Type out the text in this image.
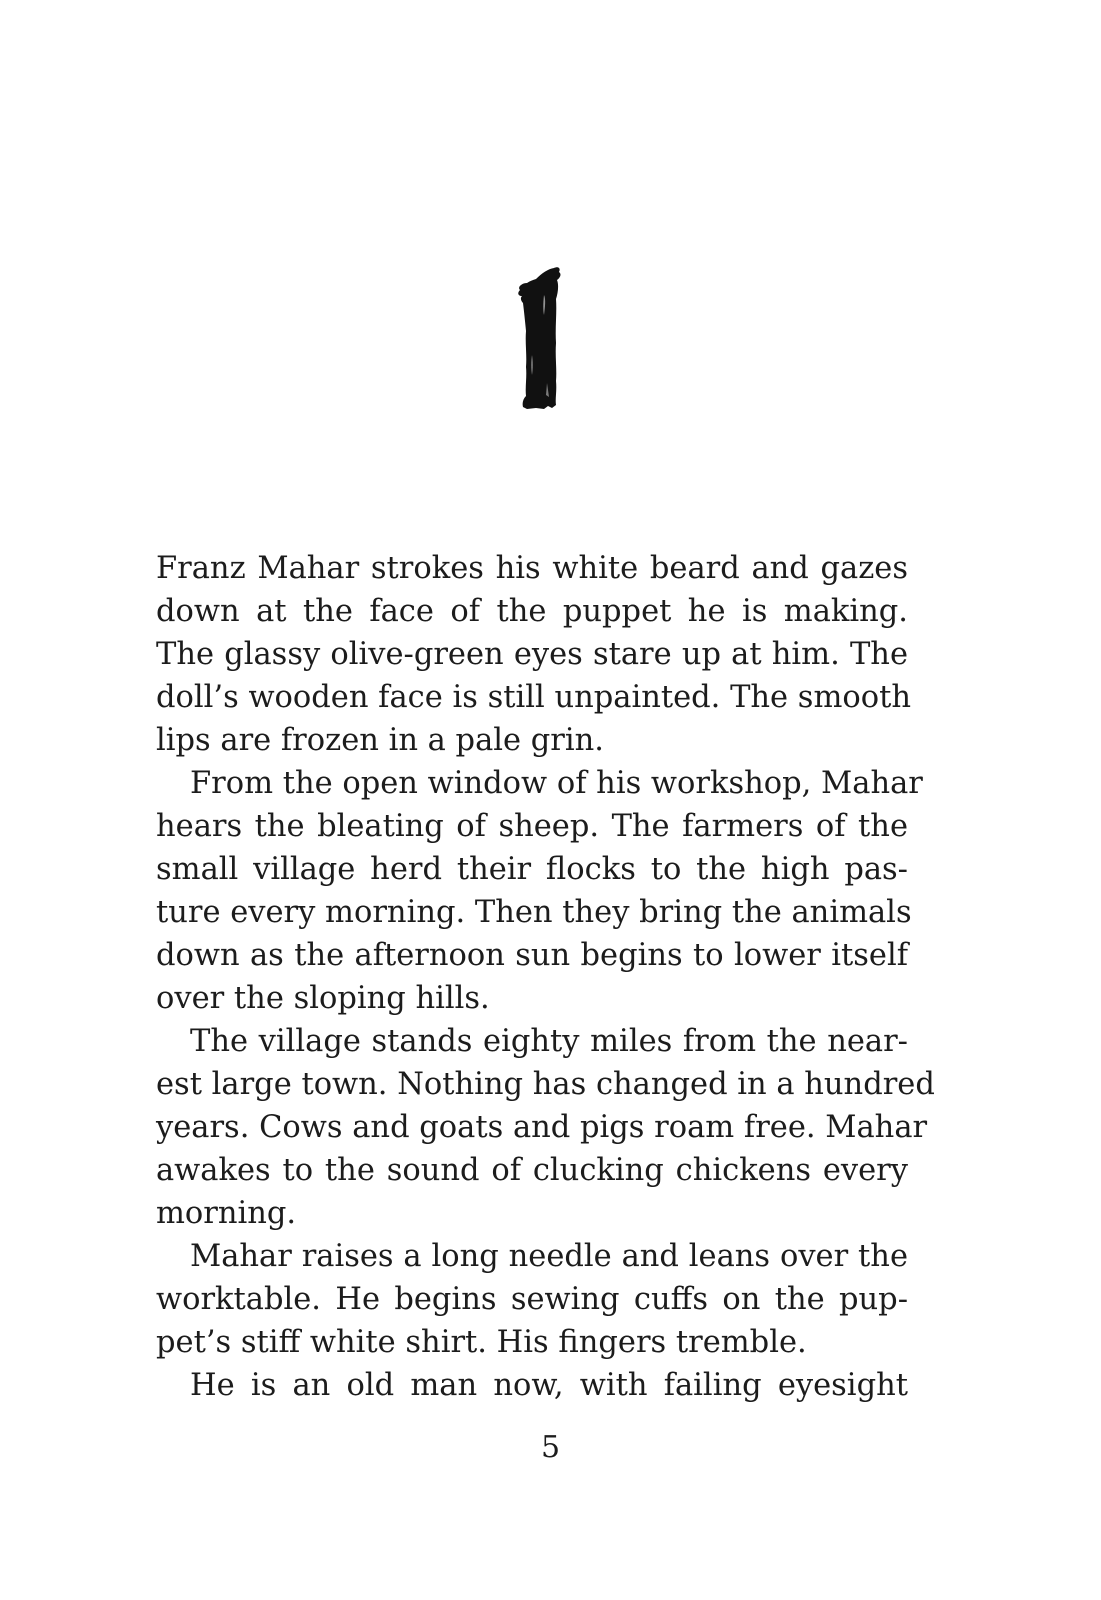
Franz Mahar strokes his white beard and gazes
down at the face of the puppet he is making.
The glassy olive-green eyes stare up at him. The
doll’s wooden face is still unpainted. The smooth
lips are frozen in a pale grin.
From the open window of his workshop, Mahar
hears the bleating of sheep. The farmers of the
small village herd their flocks to the high pas-
ture every morning. Then they bring the animals
down as the afternoon sun begins to lower itself
over the sloping hills.
The village stands eighty miles from the near-
est large town. Nothing has changed in a hundred
years. Cows and goats and pigs roam free. Mahar
awakes to the sound of clucking chickens every
morning.
Mahar raises a long needle and leans over the
worktable. He begins sewing cuffs on the pup-
pet’s stiff white shirt. His fingers tremble.
He is an old man now, with failing eyesight
5
